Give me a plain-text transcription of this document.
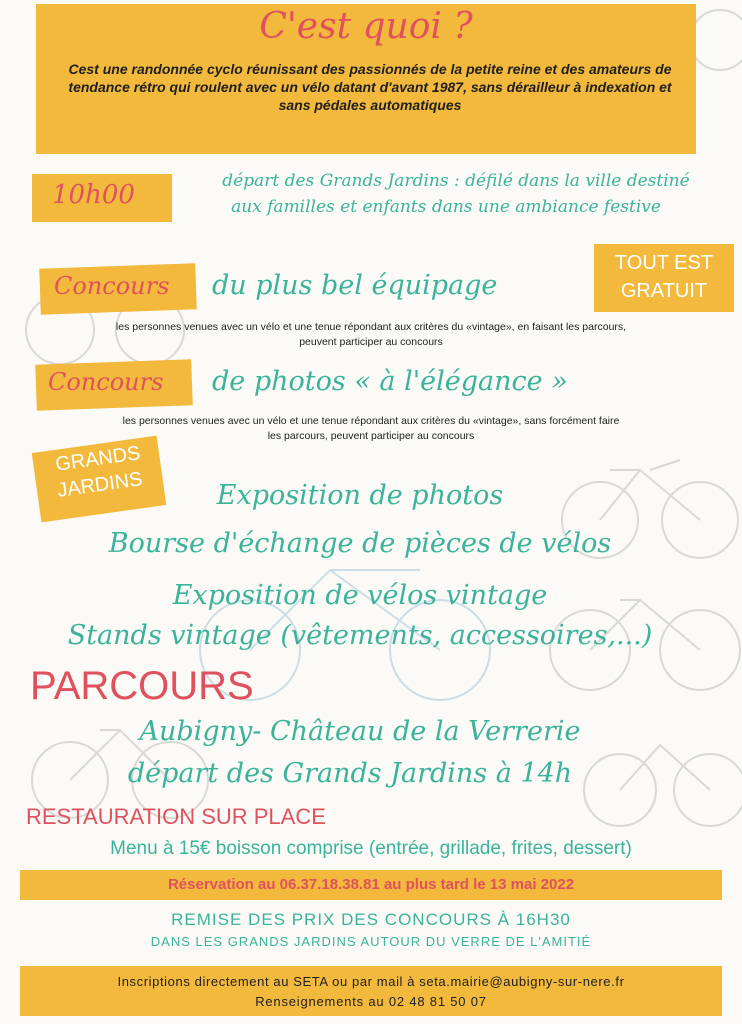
C'est quoi ?
Cest une randonnée cyclo réunissant des passionnés de la petite reine et des amateurs de tendance rétro qui roulent avec un vélo datant d'avant 1987, sans dérailleur à indexation et sans pédales automatiques
10h00	départ des Grands Jardins : défilé dans la ville destiné
aux familles et enfants dans une ambiance festive
TOUT EST
GRATUIT
Concours du plus bel équipage
les personnes venues avec un vélo et une tenue répondant aux critères du «vintage», en faisant les parcours,
peuvent participer au concours
Concours de photos « à l'élégance »
les personnes venues avec un vélo et une tenue répondant aux critères du «vintage», sans forcément faire
les parcours, peuvent participer au concours
GRANDS
JARDINS	Exposition de photos
Bourse d'échange de pièces de vélos
Exposition de vélos vintage
Stands vintage (vêtements, accessoires,...)
PARCOURS
Aubigny- Château de la Verrerie
départ des Grands Jardins à 14h
RESTAURATION SUR PLACE
Menu à 15€ boisson comprise (entrée, grillade, frites, dessert)
Réservation au 06.37.18.38.81 au plus tard le 13 mai 2022
REMISE DES PRIX DES CONCOURS À 16H30
DANS LES GRANDS JARDINS AUTOUR DU VERRE DE L'AMITIÉ
Inscriptions directement au SETA ou par mail à seta.mairie@aubigny-sur-nere.fr
Renseignements au 02 48 81 50 07
